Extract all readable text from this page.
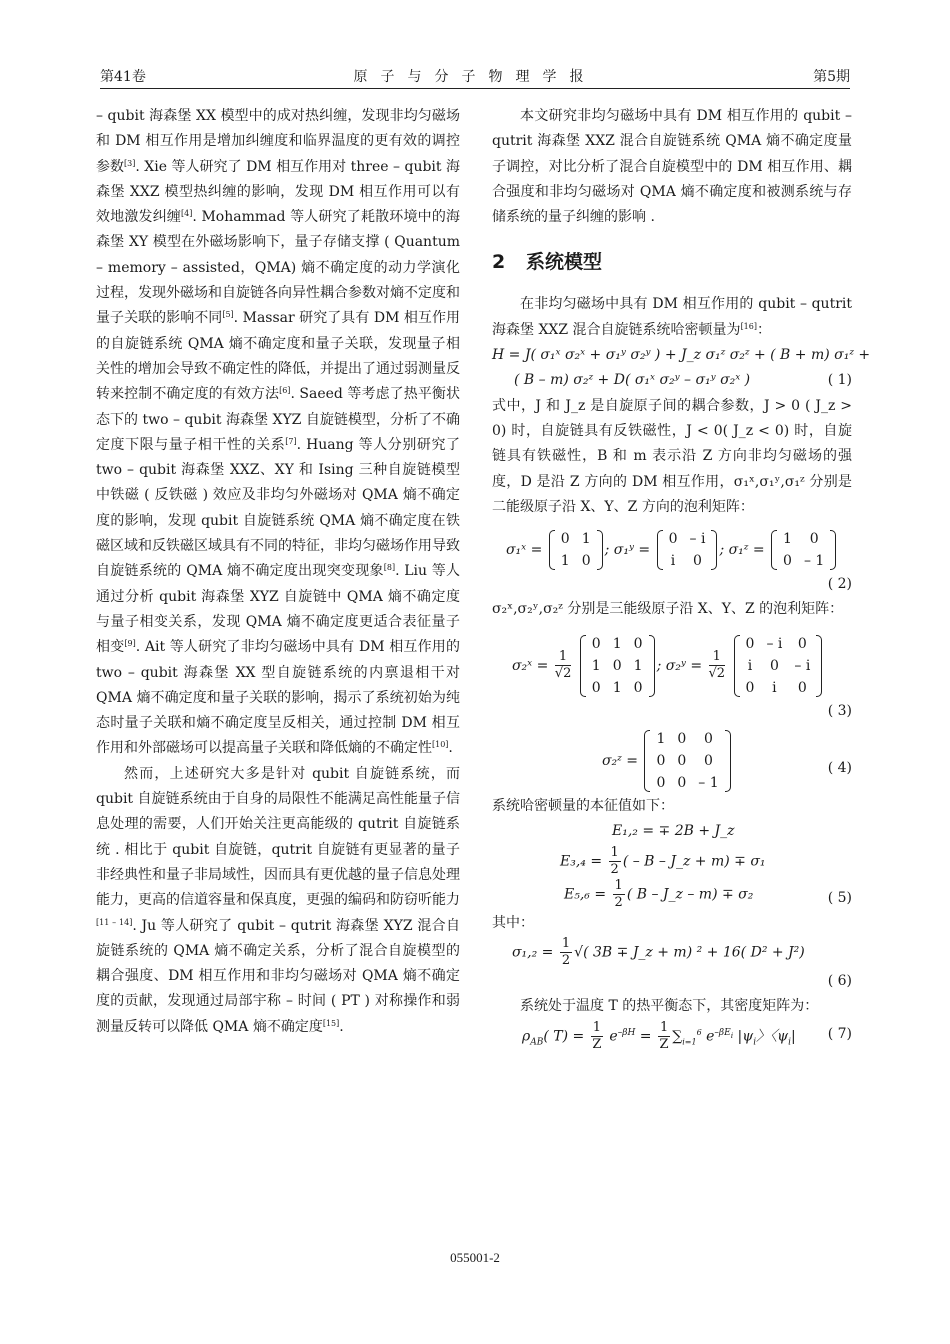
第41卷	原子与分子物理学报	第5期

– qubit 海森堡 XX 模型中的成对热纠缠，发现非均匀磁场和 DM 相互作用是增加纠缠度和临界温度的更有效的调控参数[3]. Xie 等人研究了 DM 相互作用对 three – qubit 海森堡 XXZ 模型热纠缠的影响，发现 DM 相互作用可以有效地激发纠缠[4]. Mohammad 等人研究了耗散环境中的海森堡 XY 模型在外磁场影响下，量子存储支撑 ( Quantum – memory – assisted，QMA) 熵不确定度的动力学演化过程，发现外磁场和自旋链各向异性耦合参数对熵不定度和量子关联的影响不同[5]. Massar 研究了具有 DM 相互作用的自旋链系统 QMA 熵不确定度和量子关联，发现量子相关性的增加会导致不确定性的降低，并提出了通过弱测量反转来控制不确定度的有效方法[6]. Saeed 等考虑了热平衡状态下的 two – qubit 海森堡 XYZ 自旋链模型，分析了不确定度下限与量子相干性的关系[7]. Huang 等人分别研究了 two – qubit 海森堡 XXZ、XY 和 Ising 三种自旋链模型中铁磁 ( 反铁磁 ) 效应及非均匀外磁场对 QMA 熵不确定度的影响，发现 qubit 自旋链系统 QMA 熵不确定度在铁磁区域和反铁磁区域具有不同的特征，非均匀磁场作用导致自旋链系统的 QMA 熵不确定度出现突变现象[8]. Liu 等人通过分析 qubit 海森堡 XYZ 自旋链中 QMA 熵不确定度与量子相变关系，发现 QMA 熵不确定度更适合表征量子相变[9]. Ait 等人研究了非均匀磁场中具有 DM 相互作用的 two – qubit 海森堡 XX 型自旋链系统的内禀退相干对 QMA 熵不确定度和量子关联的影响，揭示了系统初始为纯态时量子关联和熵不确定度呈反相关，通过控制 DM 相互作用和外部磁场可以提高量子关联和降低熵的不确定性[10].

然而，上述研究大多是针对 qubit 自旋链系统，而 qubit 自旋链系统由于自身的局限性不能满足高性能量子信息处理的需要，人们开始关注更高能级的 qutrit 自旋链系统 . 相比于 qubit 自旋链，qutrit 自旋链有更显著的量子非经典性和量子非局域性，因而具有更优越的量子信息处理能力，更高的信道容量和保真度，更强的编码和防窃听能力[11 – 14]. Ju 等人研究了 qubit – qutrit 海森堡 XYZ 混合自旋链系统的 QMA 熵不确定关系，分析了混合自旋模型的耦合强度、DM 相互作用和非均匀磁场对 QMA 熵不确定度的贡献，发现通过局部宇称 – 时间 ( PT ) 对称操作和弱测量反转可以降低 QMA 熵不确定度[15].

本文研究非均匀磁场中具有 DM 相互作用的 qubit – qutrit 海森堡 XXZ 混合自旋链系统 QMA 熵不确定度量子调控，对比分析了混合自旋模型中的 DM 相互作用、耦合强度和非均匀磁场对 QMA 熵不确定度和被测系统与存储系统的量子纠缠的影响 .

2 系统模型

在非均匀磁场中具有 DM 相互作用的 qubit – qutrit 海森堡 XXZ 混合自旋链系统哈密顿量为[16]：

H = J( σ₁ˣ σ₂ˣ + σ₁ʸ σ₂ʸ ) + J_z σ₁ᶻ σ₂ᶻ + ( B + m) σ₁ᶻ +
( B – m) σ₂ᶻ + D( σ₁ˣ σ₂ʸ – σ₁ʸ σ₂ˣ )	( 1)

式中，J 和 J_z 是自旋原子间的耦合参数，J > 0 ( J_z > 0) 时，自旋链具有反铁磁性，J < 0( J_z < 0) 时，自旋链具有铁磁性，B 和 m 表示沿 Z 方向非均匀磁场的强度，D 是沿 Z 方向的 DM 相互作用，σ₁ˣ,σ₁ʸ,σ₁ᶻ 分别是二能级原子沿 X、Y、Z 方向的泡利矩阵：

σ₁ˣ =
0	1
1	0
; σ₁ʸ =
0	– i
i	0
; σ₁ᶻ =
1	0
0	– 1
( 2)

σ₂ˣ,σ₂ʸ,σ₂ᶻ 分别是三能级原子沿 X、Y、Z 的泡利矩阵：

σ₂ˣ = $\frac{1}{√2}$

0	1	0
1	0	1
0	1	0
; σ₂ʸ = $\frac{1}{√2}$

0	– i	0
i	0	– i
0	i	0
( 3)
σ₂ᶻ =
1	0	0
0	0	0
0	0	– 1
( 4)

系统哈密顿量的本征值如下：

E₁,₂ = ∓ 2B + J_z
$E_3,_4 = \frac{1}{2}$ ( – B – J_z + m) ∓ σ₁
$E_5,_6 = \frac{1}{2}$ ( B – J_z – m) ∓ σ₂	( 5)

其中：

$\sigma_1,_2 = \frac{1}{2}$ √( 3B ∓ J_z + m) ² + 16( D² + J²)
( 6)

系统处于温度 T 的热平衡态下，其密度矩阵为：

$\rho_{AB}$( $T) = \frac{1}{Z} e^{-\beta H} = \frac{1}{Z} \sum_{i=1}^6$ $e^{-\beta E_i}$ $|\psi_i$〉〈$\psi_i|$ ( 7)
055001-2
